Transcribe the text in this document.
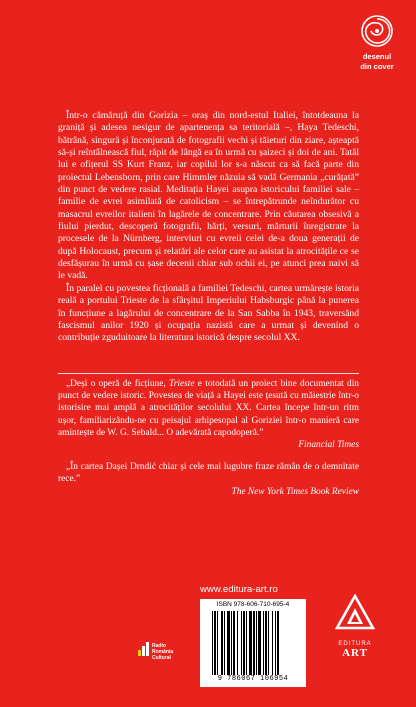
desenul
din cover

Într-o cămăruță din Gorizia – oraș din nord-estul Italiei, întotdeauna la graniță și adesea nesigur de apartenența sa teritorială –, Haya Tedeschi, bătrână, singură și înconjurată de fotografii vechi și tăieturi din ziare, așteaptă să-și reîntâlnească fiul, răpit de lângă ea în urmă cu șaizeci și doi de ani. Tatăl lui e ofițerul SS Kurt Franz, iar copilul lor s-a născut ca să facă parte din proiectul Lebensborn, prin care Himmler năzuia să vadă Germania „curățată” din punct de vedere rasial. Meditația Hayei asupra istoricului familiei sale – familie de evrei asimilată de catolicism – se întrepătrunde neîndurător cu masacrul evreilor italieni în lagărele de concentrare. Prin căutarea obsesivă a fiului pierdut, descoperă fotografii, hărți, versuri, mărturii înregistrate la procesele de la Nürnberg, interviuri cu evreii celei de-a doua generații de după Holocaust, precum și relatări ale celor care au asistat la atrocitățile ce se desfășurau în urmă cu șase decenii chiar sub ochii ei, pe atunci prea naivi să le vadă.

În paralel cu povestea ficțională a familiei Tedeschi, cartea urmărește istoria reală a portului Trieste de la sfârșitul Imperiului Habsburgic până la punerea în funcțiune a lagărului de concentrare de la San Sabba în 1943, traversând fascismul anilor 1920 și ocupația nazistă care a urmat și devenind o contribuție zguduitoare la literatura istorică despre secolul XX.

„Deși o operă de ficțiune, Trieste e totodată un proiect bine documentat din punct de vedere istoric. Povestea de viață a Hayei este țesută cu măiestrie într-o istorisire mai amplă a atrocităților secolului XX. Cartea începe într-un ritm ușor, familiarizându-ne cu peisajul arhipesopal al Goriziei într-o manieră care amintește de W. G. Sebald... O adevărată capodoperă.”

Financial Times

„În cartea Dașei Drndić chiar și cele mai lugubre fraze rămân de o demnitate rece.”

The New York Times Book Review

www.editura-art.ro
ISBN 978-606-710-695-4
9 786067 106954
Radio
România
Cultural
EDITURA
ART
